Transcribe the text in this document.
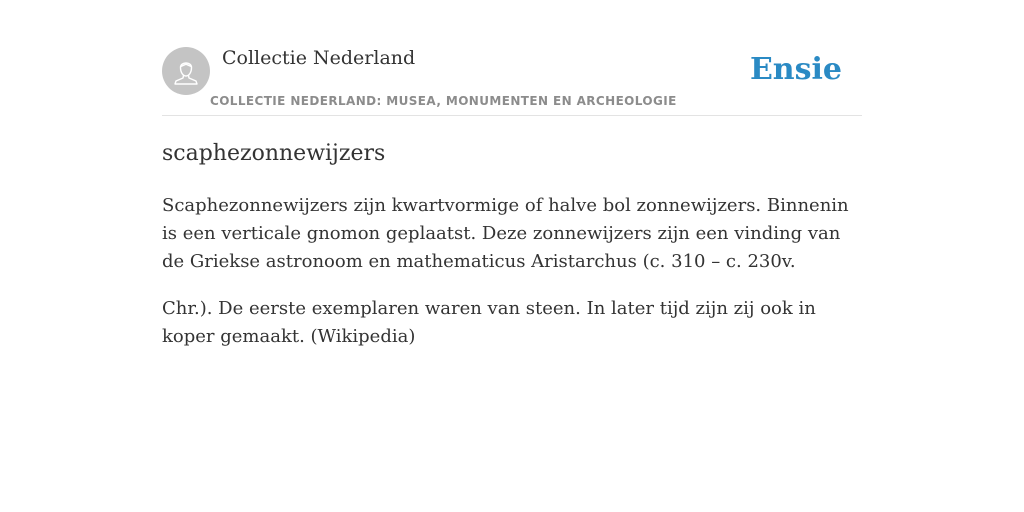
Collectie Nederland
COLLECTIE NEDERLAND: MUSEA, MONUMENTEN EN ARCHEOLOGIE
Ensie
scaphezonnewijzers

Scaphezonnewijzers zijn kwartvormige of halve bol zonnewijzers. Binnenin is een verticale gnomon geplaatst. Deze zonnewijzers zijn een vinding van de Griekse astronoom en mathematicus Aristarchus (c. 310 – c. 230v.

Chr.). De eerste exemplaren waren van steen. In later tijd zijn zij ook in koper gemaakt. (Wikipedia)
